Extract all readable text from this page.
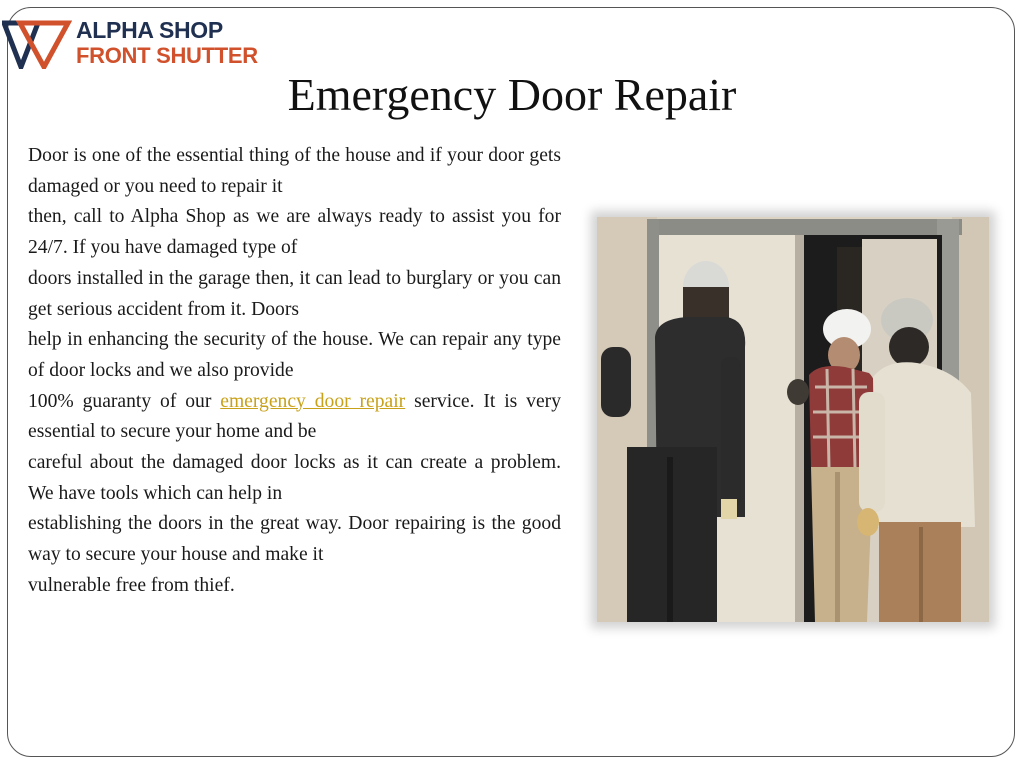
ALPHA SHOP
FRONT SHUTTER
Emergency Door Repair

Door is one of the essential thing of the house and if your door gets damaged or you need to repair it

then, call to Alpha Shop as we are always ready to assist you for 24/7. If you have damaged type of

doors installed in the garage then, it can lead to burglary or you can get serious accident from it. Doors

help in enhancing the security of the house. We can repair any type of door locks and we also provide

100% guaranty of our emergency door repair service. It is very essential to secure your home and be

careful about the damaged door locks as it can create a problem. We have tools which can help in

establishing the doors in the great way. Door repairing is the good way to secure your house and make it

vulnerable free from thief.
